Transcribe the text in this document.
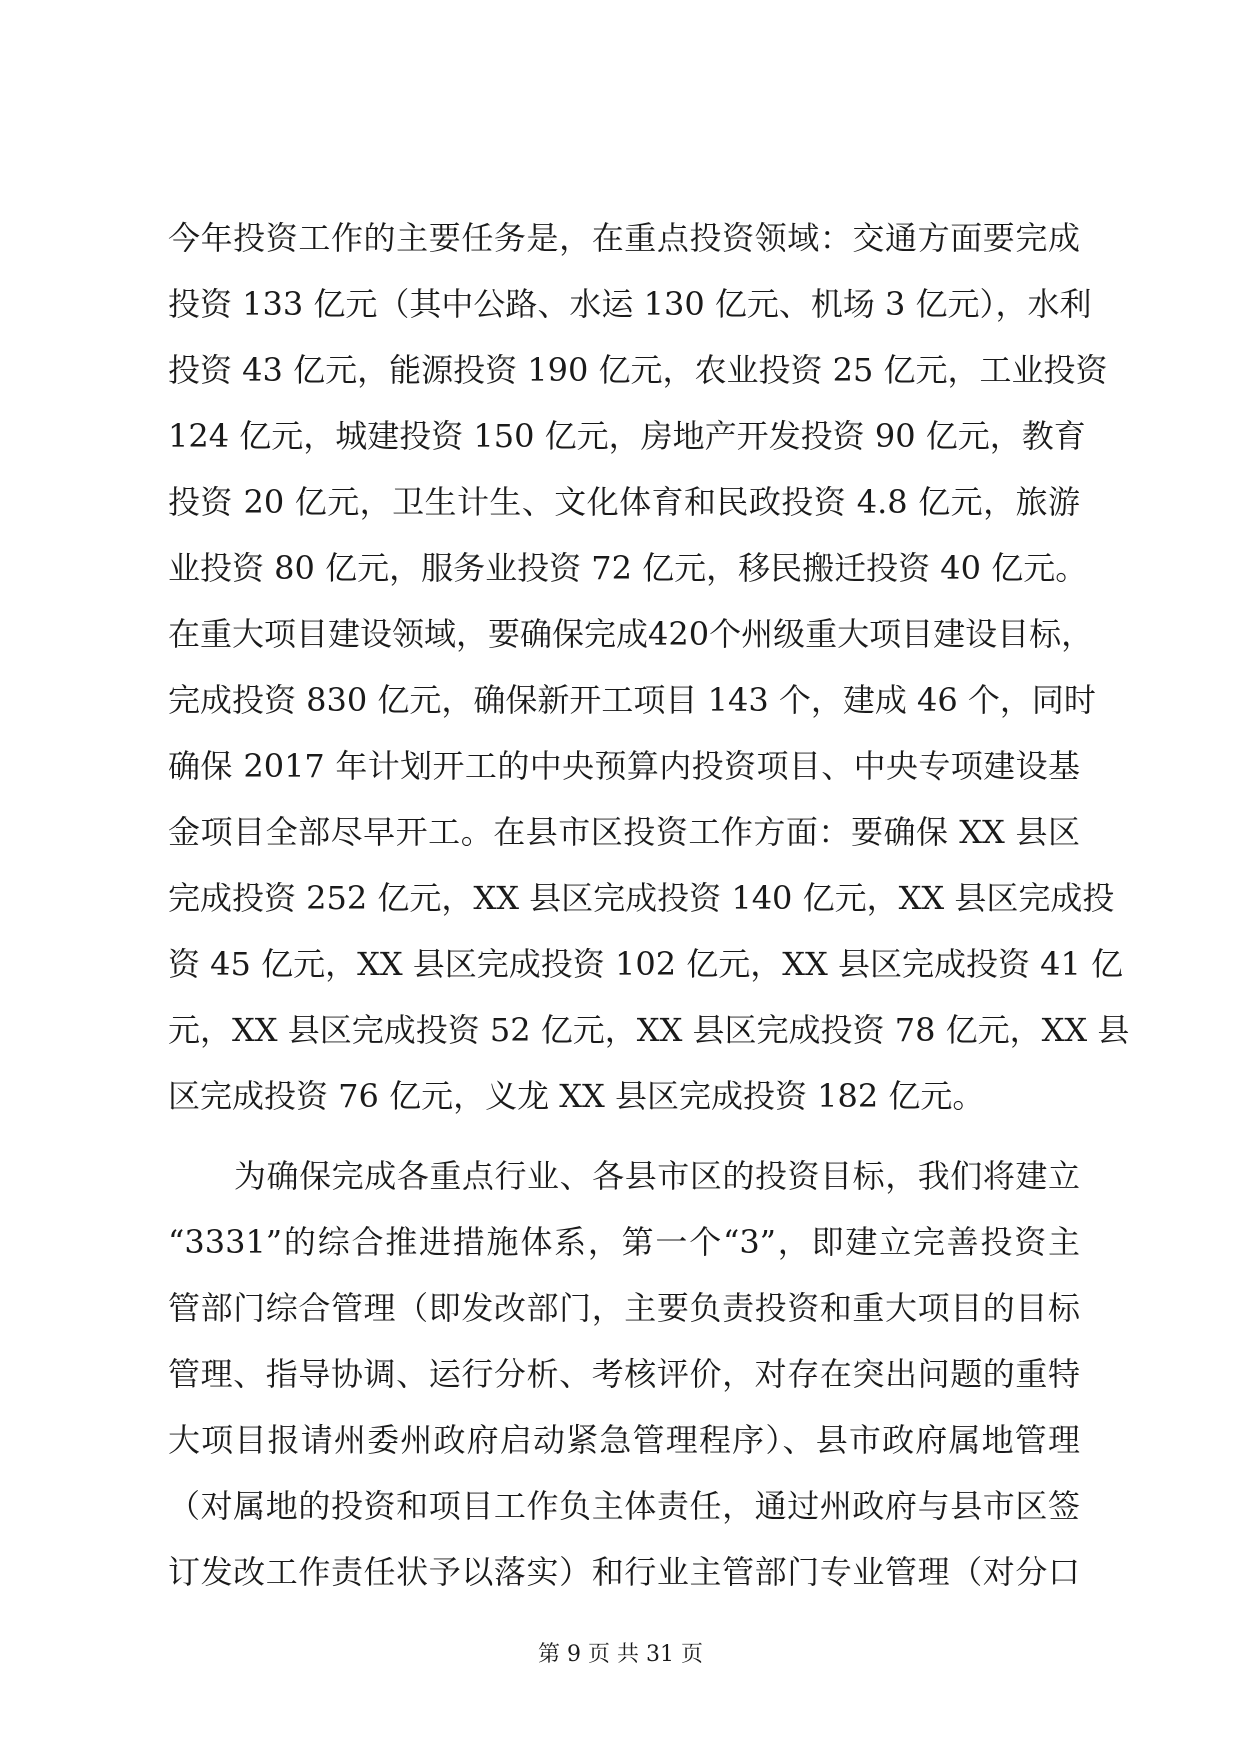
今年投资工作的主要任务是，在重点投资领域：交通方面要完成
投资 133 亿元（其中公路、水运 130 亿元、机场 3 亿元），水利
投资 43 亿元，能源投资 190 亿元，农业投资 25 亿元，工业投资
124 亿元，城建投资 150 亿元，房地产开发投资 90 亿元，教育
投资 20 亿元，卫生计生、文化体育和民政投资 4.8 亿元，旅游
业投资 80 亿元，服务业投资 72 亿元，移民搬迁投资 40 亿元。
在重大项目建设领域，要确保完成420个州级重大项目建设目标，
完成投资 830 亿元，确保新开工项目 143 个，建成 46 个，同时
确保 2017 年计划开工的中央预算内投资项目、中央专项建设基
金项目全部尽早开工。在县市区投资工作方面：要确保 XX 县区
完成投资 252 亿元，XX 县区完成投资 140 亿元，XX 县区完成投
资 45 亿元，XX 县区完成投资 102 亿元，XX 县区完成投资 41 亿
元，XX 县区完成投资 52 亿元，XX 县区完成投资 78 亿元，XX 县
区完成投资 76 亿元，义龙 XX 县区完成投资 182 亿元。
为确保完成各重点行业、各县市区的投资目标，我们将建立
“3331”的综合推进措施体系，第一个“3”，即建立完善投资主
管部门综合管理（即发改部门，主要负责投资和重大项目的目标
管理、指导协调、运行分析、考核评价，对存在突出问题的重特
大项目报请州委州政府启动紧急管理程序）、县市政府属地管理
（对属地的投资和项目工作负主体责任，通过州政府与县市区签
订发改工作责任状予以落实）和行业主管部门专业管理（对分口
第 9 页 共 31 页
